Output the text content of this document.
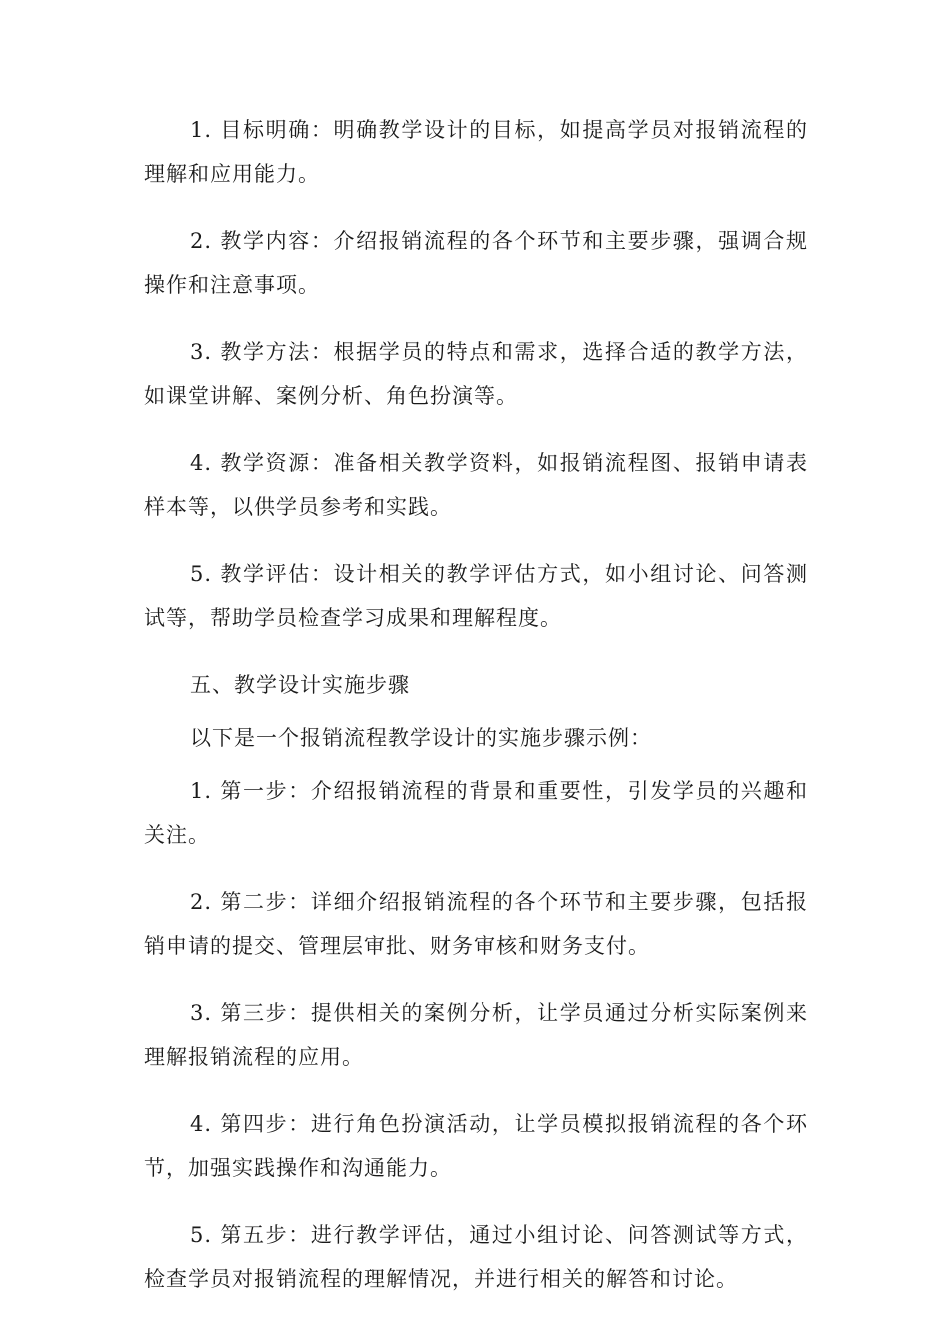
1. 目标明确：明确教学设计的目标，如提高学员对报销流程的理解和应用能力。

2. 教学内容：介绍报销流程的各个环节和主要步骤，强调合规操作和注意事项。

3. 教学方法：根据学员的特点和需求，选择合适的教学方法，如课堂讲解、案例分析、角色扮演等。

4. 教学资源：准备相关教学资料，如报销流程图、报销申请表样本等，以供学员参考和实践。

5. 教学评估：设计相关的教学评估方式，如小组讨论、问答测试等，帮助学员检查学习成果和理解程度。

五、教学设计实施步骤

以下是一个报销流程教学设计的实施步骤示例：

1. 第一步：介绍报销流程的背景和重要性，引发学员的兴趣和关注。

2. 第二步：详细介绍报销流程的各个环节和主要步骤，包括报销申请的提交、管理层审批、财务审核和财务支付。

3. 第三步：提供相关的案例分析，让学员通过分析实际案例来理解报销流程的应用。

4. 第四步：进行角色扮演活动，让学员模拟报销流程的各个环节，加强实践操作和沟通能力。

5. 第五步：进行教学评估，通过小组讨论、问答测试等方式，检查学员对报销流程的理解情况，并进行相关的解答和讨论。
